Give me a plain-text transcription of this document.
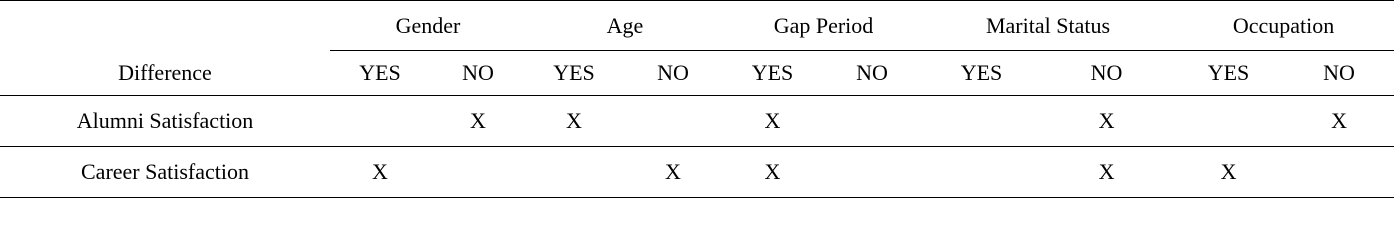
Difference	Gender		Age		Gap Period		Marital Status		Occupation	
	YES	NO	YES	NO	YES	NO	YES	NO	YES	NO
Alumni Satisfaction		X	X		X			X		X
Career Satisfaction	X			X	X			X	X	
